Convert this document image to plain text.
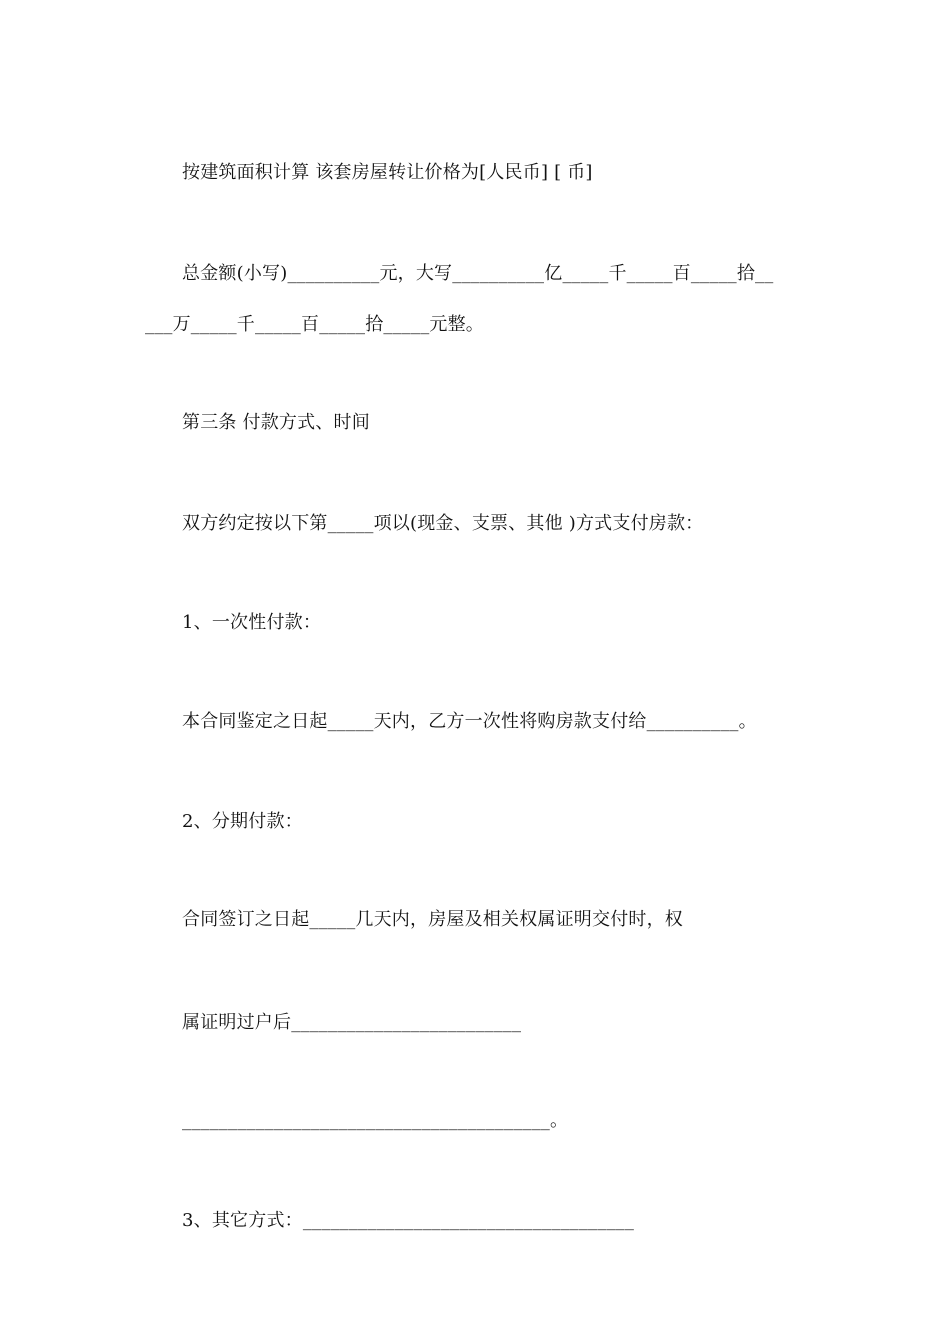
按建筑面积计算 该套房屋转让价格为[人民币] [ 币]
总金额(小写)__________元，大写__________亿_____千_____百_____拾__
___万_____千_____百_____拾_____元整。
第三条 付款方式、时间
双方约定按以下第_____项以(现金、支票、其他 )方式支付房款：
1、一次性付款：
本合同鉴定之日起_____天内，乙方一次性将购房款支付给__________。
2、分期付款：
合同签订之日起_____几天内，房屋及相关权属证明交付时，权
属证明过户后_________________________
________________________________________。
3、其它方式：____________________________________
